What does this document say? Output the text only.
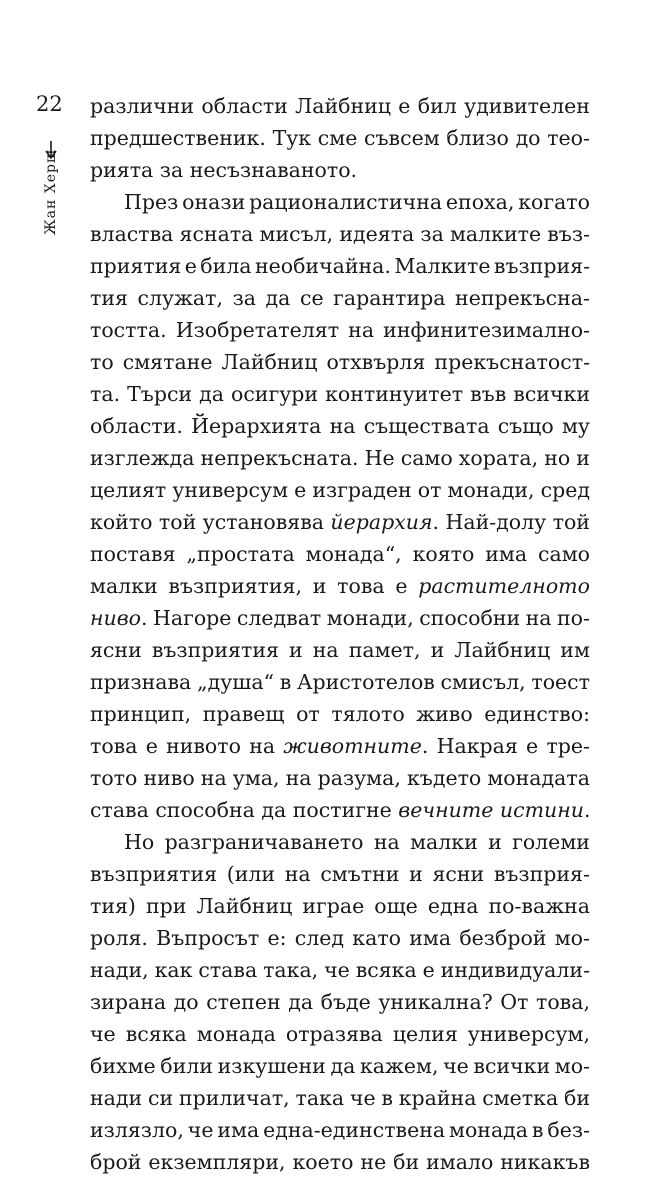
22
Жан Херш
различни области Лайбниц е бил удивителен
предшественик. Тук сме съвсем близо до тео-
рията за несъзнаваното.
През онази рационалистична епоха, когато
властва ясната мисъл, идеята за малките въз-
приятия е била необичайна. Малките възприя-
тия служат, за да се гарантира непрекъсна-
тостта. Изобретателят на инфинитезимално-
то смятане Лайбниц отхвърля прекъснатост-
та. Търси да осигури континуитет във всички
области. Йерархията на съществата също му
изглежда непрекъсната. Не само хората, но и
целият универсум е изграден от монади, сред
който той установява йерархия. Най-долу той
поставя „простата монада“, която има само
малки възприятия, и това е растителното
ниво. Нагоре следват монади, способни на по-
ясни възприятия и на памет, и Лайбниц им
признава „душа“ в Аристотелов смисъл, тоест
принцип, правещ от тялото живо единство:
това е нивото на животните. Накрая е тре-
тото ниво на ума, на разума, където монадата
става способна да постигне вечните истини .
Но разграничаването на малки и големи
възприятия (или на смътни и ясни възприя-
тия) при Лайбниц играе още една по-важна
роля. Въпросът е: след като има безброй мо-
нади, как става така, че всяка е индивидуали-
зирана до степен да бъде уникална? От това,
че всяка монада отразява целия универсум,
бихме били изкушени да кажем, че всички мо-
нади си приличат, така че в крайна сметка би
излязло, че има една-единствена монада в без-
брой екземпляри, което не би имало никакъв
